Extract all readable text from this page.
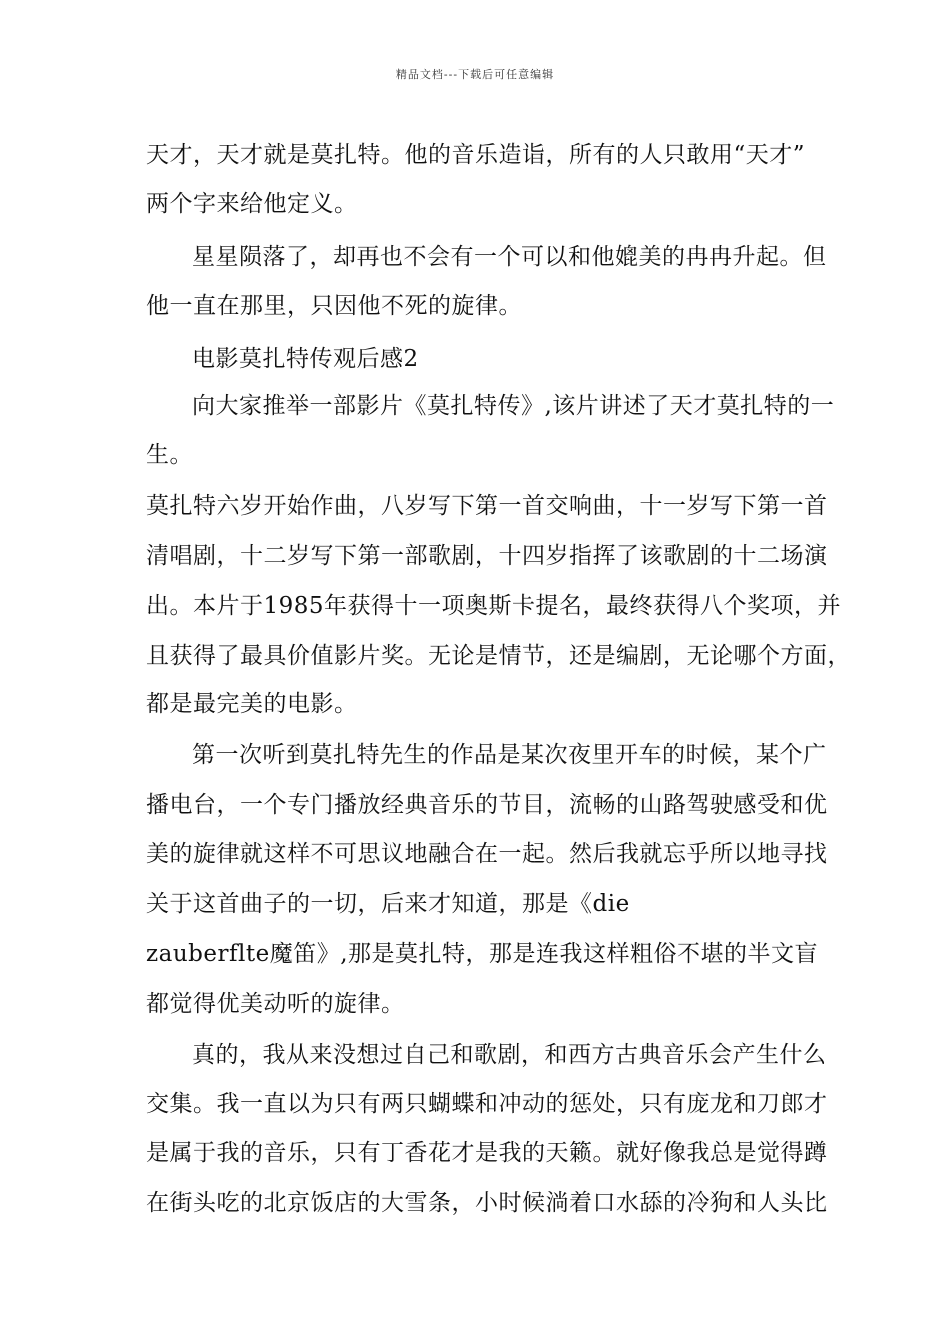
精品文档---下载后可任意编辑
天才，天才就是莫扎特。他的音乐造诣，所有的人只敢用“天才”
两个字来给他定义。
星星陨落了，却再也不会有一个可以和他媲美的冉冉升起。但
他一直在那里，只因他不死的旋律。
电影莫扎特传观后感2
向大家推举一部影片《莫扎特传》,该片讲述了天才莫扎特的一
生。
莫扎特六岁开始作曲，八岁写下第一首交响曲，十一岁写下第一首
清唱剧，十二岁写下第一部歌剧，十四岁指挥了该歌剧的十二场演
出。本片于1985年获得十一项奥斯卡提名，最终获得八个奖项，并
且获得了最具价值影片奖。无论是情节，还是编剧，无论哪个方面，
都是最完美的电影。
第一次听到莫扎特先生的作品是某次夜里开车的时候，某个广
播电台，一个专门播放经典音乐的节目，流畅的山路驾驶感受和优
美的旋律就这样不可思议地融合在一起。然后我就忘乎所以地寻找
关于这首曲子的一切，后来才知道，那是《die
zauberflte魔笛》,那是莫扎特，那是连我这样粗俗不堪的半文盲
都觉得优美动听的旋律。
真的，我从来没想过自己和歌剧，和西方古典音乐会产生什么
交集。我一直以为只有两只蝴蝶和冲动的惩处，只有庞龙和刀郎才
是属于我的音乐，只有丁香花才是我的天籁。就好像我总是觉得蹲
在街头吃的北京饭店的大雪条，小时候淌着口水舔的冷狗和人头比
